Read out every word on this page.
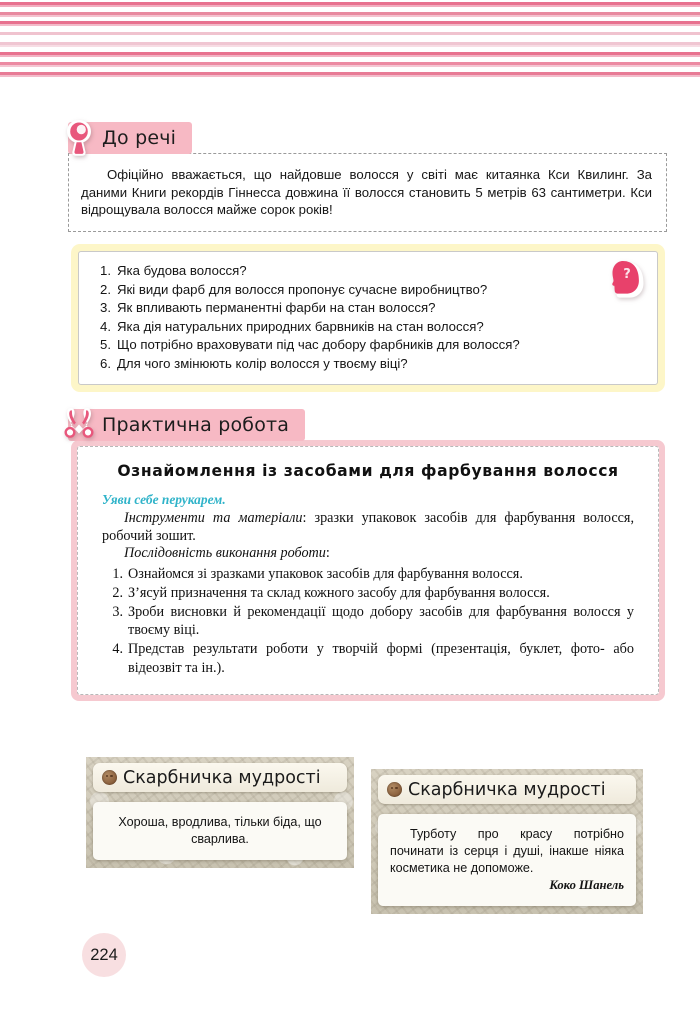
До речі

Офіційно вважається, що найдовше волосся у світі має китаянка Кси Квилинг. За даними Книги рекордів Гіннесса довжина її волосся становить 5 метрів 63 сантиметри. Кси відрощувала волосся майже сорок років!

?
Яка будова волосся?
Які види фарб для волосся пропонує сучасне виробництво?
Як впливають перманентні фарби на стан волосся?
Яка дія натуральних природних барвників на стан волосся?
Що потрібно враховувати під час добору фарбників для волосся?
Для чого змінюють колір волосся у твоєму віці?
Практична робота
Ознайомлення із засобами для фарбування волосся

Уяви себе перукарем.

Інструменти та матеріали: зразки упаковок засобів для фарбування волосся, робочий зошит.

Послідовність виконання роботи:

Ознайомся зі зразками упаковок засобів для фарбування волосся.
З’ясуй призначення та склад кожного засобу для фарбування волосся.
Зроби висновки й рекомендації щодо добору засобів для фарбування волосся у твоєму віці.
Представ результати роботи у творчій формі (презентація, буклет, фото- або відеозвіт та ін.).
Скарбничка мудрості

Хороша, вродлива, тільки біда, що сварлива.

Скарбничка мудрості

Турботу про красу потрібно починати із серця і душі, інакше ніяка косметика не допоможе.

Коко Шанель

224
